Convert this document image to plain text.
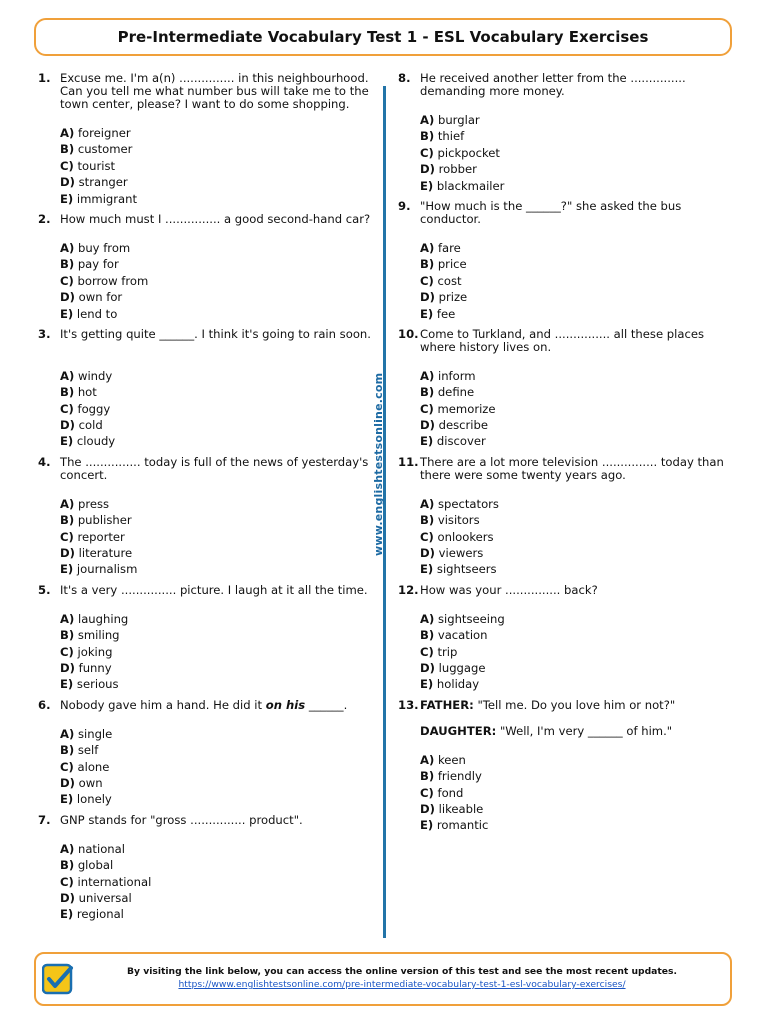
Pre-Intermediate Vocabulary Test 1 - ESL Vocabulary Exercises
www.englishtestsonline.com
1. Excuse me. I'm a(n) ............... in this neighbourhood. Can you tell me what number bus will take me to the town center, please? I want to do some shopping.
A) foreigner
B) customer
C) tourist
D) stranger
E) immigrant
2. How much must I ............... a good second-hand car?
A) buy from
B) pay for
C) borrow from
D) own for
E) lend to
3. It's getting quite ______. I think it's going to rain soon.
A) windy
B) hot
C) foggy
D) cold
E) cloudy
4. The ............... today is full of the news of yesterday's concert.
A) press
B) publisher
C) reporter
D) literature
E) journalism
5. It's a very ............... picture. I laugh at it all the time.
A) laughing
B) smiling
C) joking
D) funny
E) serious
6. Nobody gave him a hand. He did it on his ______.
A) single
B) self
C) alone
D) own
E) lonely
7. GNP stands for "gross ............... product".
A) national
B) global
C) international
D) universal
E) regional
8. He received another letter from the ............... demanding more money.
A) burglar
B) thief
C) pickpocket
D) robber
E) blackmailer
9. "How much is the ______?" she asked the bus conductor.
A) fare
B) price
C) cost
D) prize
E) fee
10. Come to Turkland, and ............... all these places where history lives on.
A) inform
B) define
C) memorize
D) describe
E) discover
11. There are a lot more television ............... today than there were some twenty years ago.
A) spectators
B) visitors
C) onlookers
D) viewers
E) sightseers
12. How was your ............... back?
A) sightseeing
B) vacation
C) trip
D) luggage
E) holiday
13. FATHER: "Tell me. Do you love him or not?"
DAUGHTER: "Well, I'm very ______ of him."
A) keen
B) friendly
C) fond
D) likeable
E) romantic
By visiting the link below, you can access the online version of this test and see the most recent updates.
https://www.englishtestsonline.com/pre-intermediate-vocabulary-test-1-esl-vocabulary-exercises/
